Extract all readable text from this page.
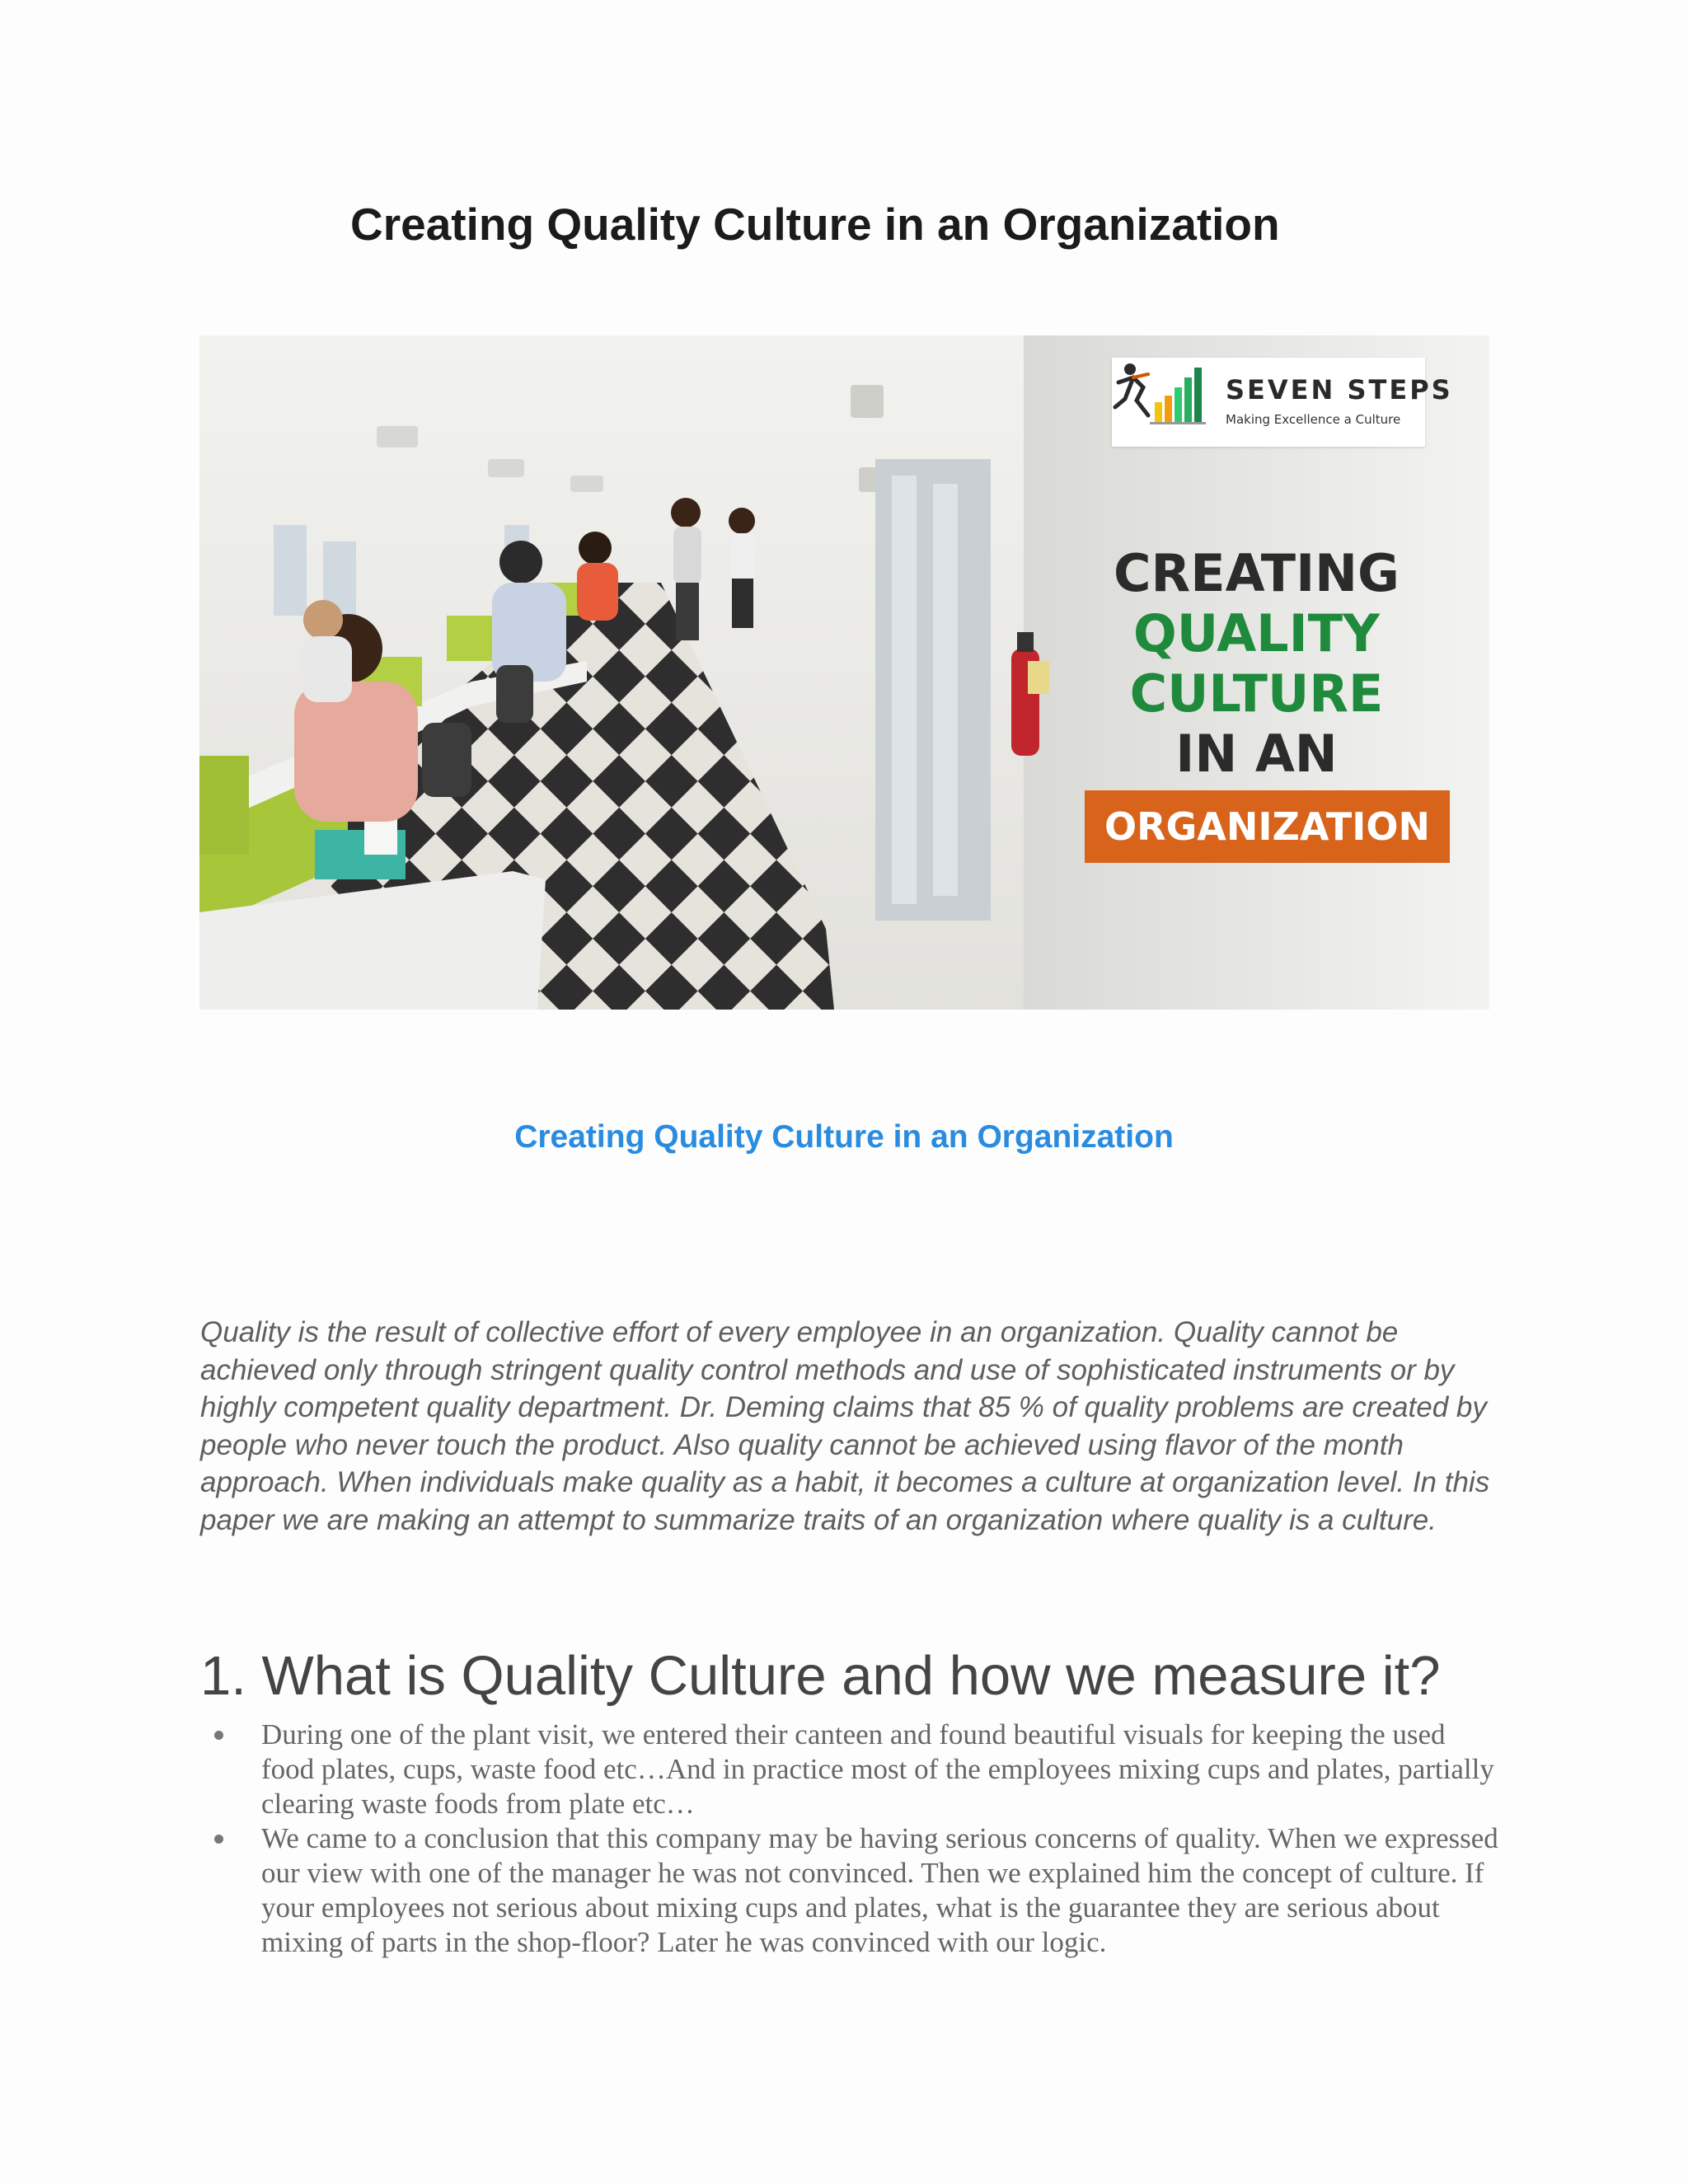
Creating Quality Culture in an Organization
SEVEN STEPS
Making Excellence a Culture
CREATING
QUALITY
CULTURE
IN AN
ORGANIZATION
Creating Quality Culture in an Organization

Quality is the result of collective effort of every employee in an organization. Quality cannot be achieved only through stringent quality control methods and use of sophisticated instruments or by highly competent quality department. Dr. Deming claims that 85 % of quality problems are created by people who never touch the product. Also quality cannot be achieved using flavor of the month approach. When individuals make quality as a habit, it becomes a culture at organization level. In this paper we are making an attempt to summarize traits of an organization where quality is a culture.

1. What is Quality Culture and how we measure it?
During one of the plant visit, we entered their canteen and found beautiful visuals for keeping the used food plates, cups, waste food etc…And in practice most of the employees mixing cups and plates, partially clearing waste foods from plate etc…
We came to a conclusion that this company may be having serious concerns of quality. When we expressed our view with one of the manager he was not convinced. Then we explained him the concept of culture. If your employees not serious about mixing cups and plates, what is the guarantee they are serious about mixing of parts in the shop-floor? Later he was convinced with our logic.
